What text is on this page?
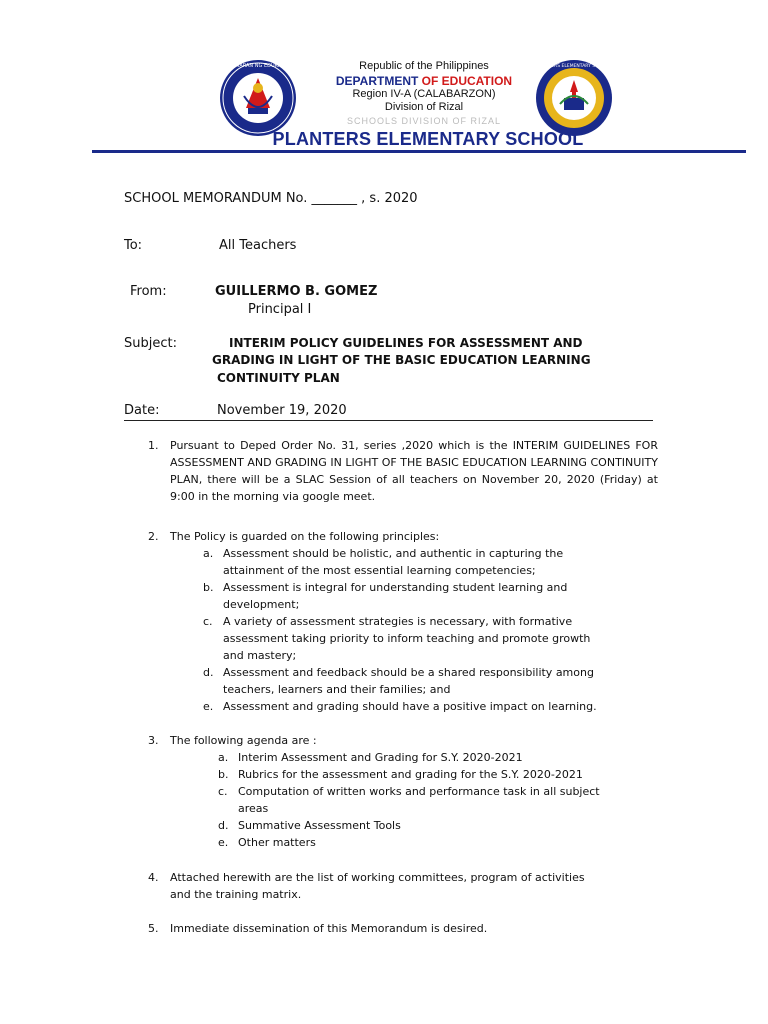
KAGAWARAN NG EDUKASYON	PLANTERS ELEMENTARY SCHOOL
Republic of the Philippines
DEPARTMENT OF EDUCATION
Region IV-A (CALABARZON)
Division of Rizal
SCHOOLS DIVISION OF RIZAL
PLANTERS ELEMENTARY SCHOOL
SCHOOL MEMORANDUM No. _______ , s. 2020
To:	All Teachers
From:	GUILLERMO B. GOMEZ
Principal I
Subject:	INTERIM POLICY GUIDELINES FOR ASSESSMENT AND
GRADING IN LIGHT OF THE BASIC EDUCATION LEARNING
CONTINUITY PLAN
Date:	November 19, 2020
1. Pursuant to Deped Order No. 31, series ,2020 which is the INTERIM GUIDELINES FOR ASSESSMENT AND GRADING IN LIGHT OF THE BASIC EDUCATION LEARNING CONTINUITY PLAN, there will be a SLAC Session of all teachers on November 20, 2020 (Friday) at 9:00 in the morning via google meet.
2. The Policy is guarded on the following principles:
a. Assessment should be holistic, and authentic in capturing the
attainment of the most essential learning competencies;
b. Assessment is integral for understanding student learning and
development;
c. A variety of assessment strategies is necessary, with formative
assessment taking priority to inform teaching and promote growth
and mastery;
d. Assessment and feedback should be a shared responsibility among
teachers, learners and their families; and
e. Assessment and grading should have a positive impact on learning.
3. The following agenda are :
a. Interim Assessment and Grading for S.Y. 2020-2021
b. Rubrics for the assessment and grading for the S.Y. 2020-2021
c. Computation of written works and performance task in all subject
areas
d. Summative Assessment Tools
e. Other matters
4. Attached herewith are the list of working committees, program of activities
and the training matrix.
5. Immediate dissemination of this Memorandum is desired.
